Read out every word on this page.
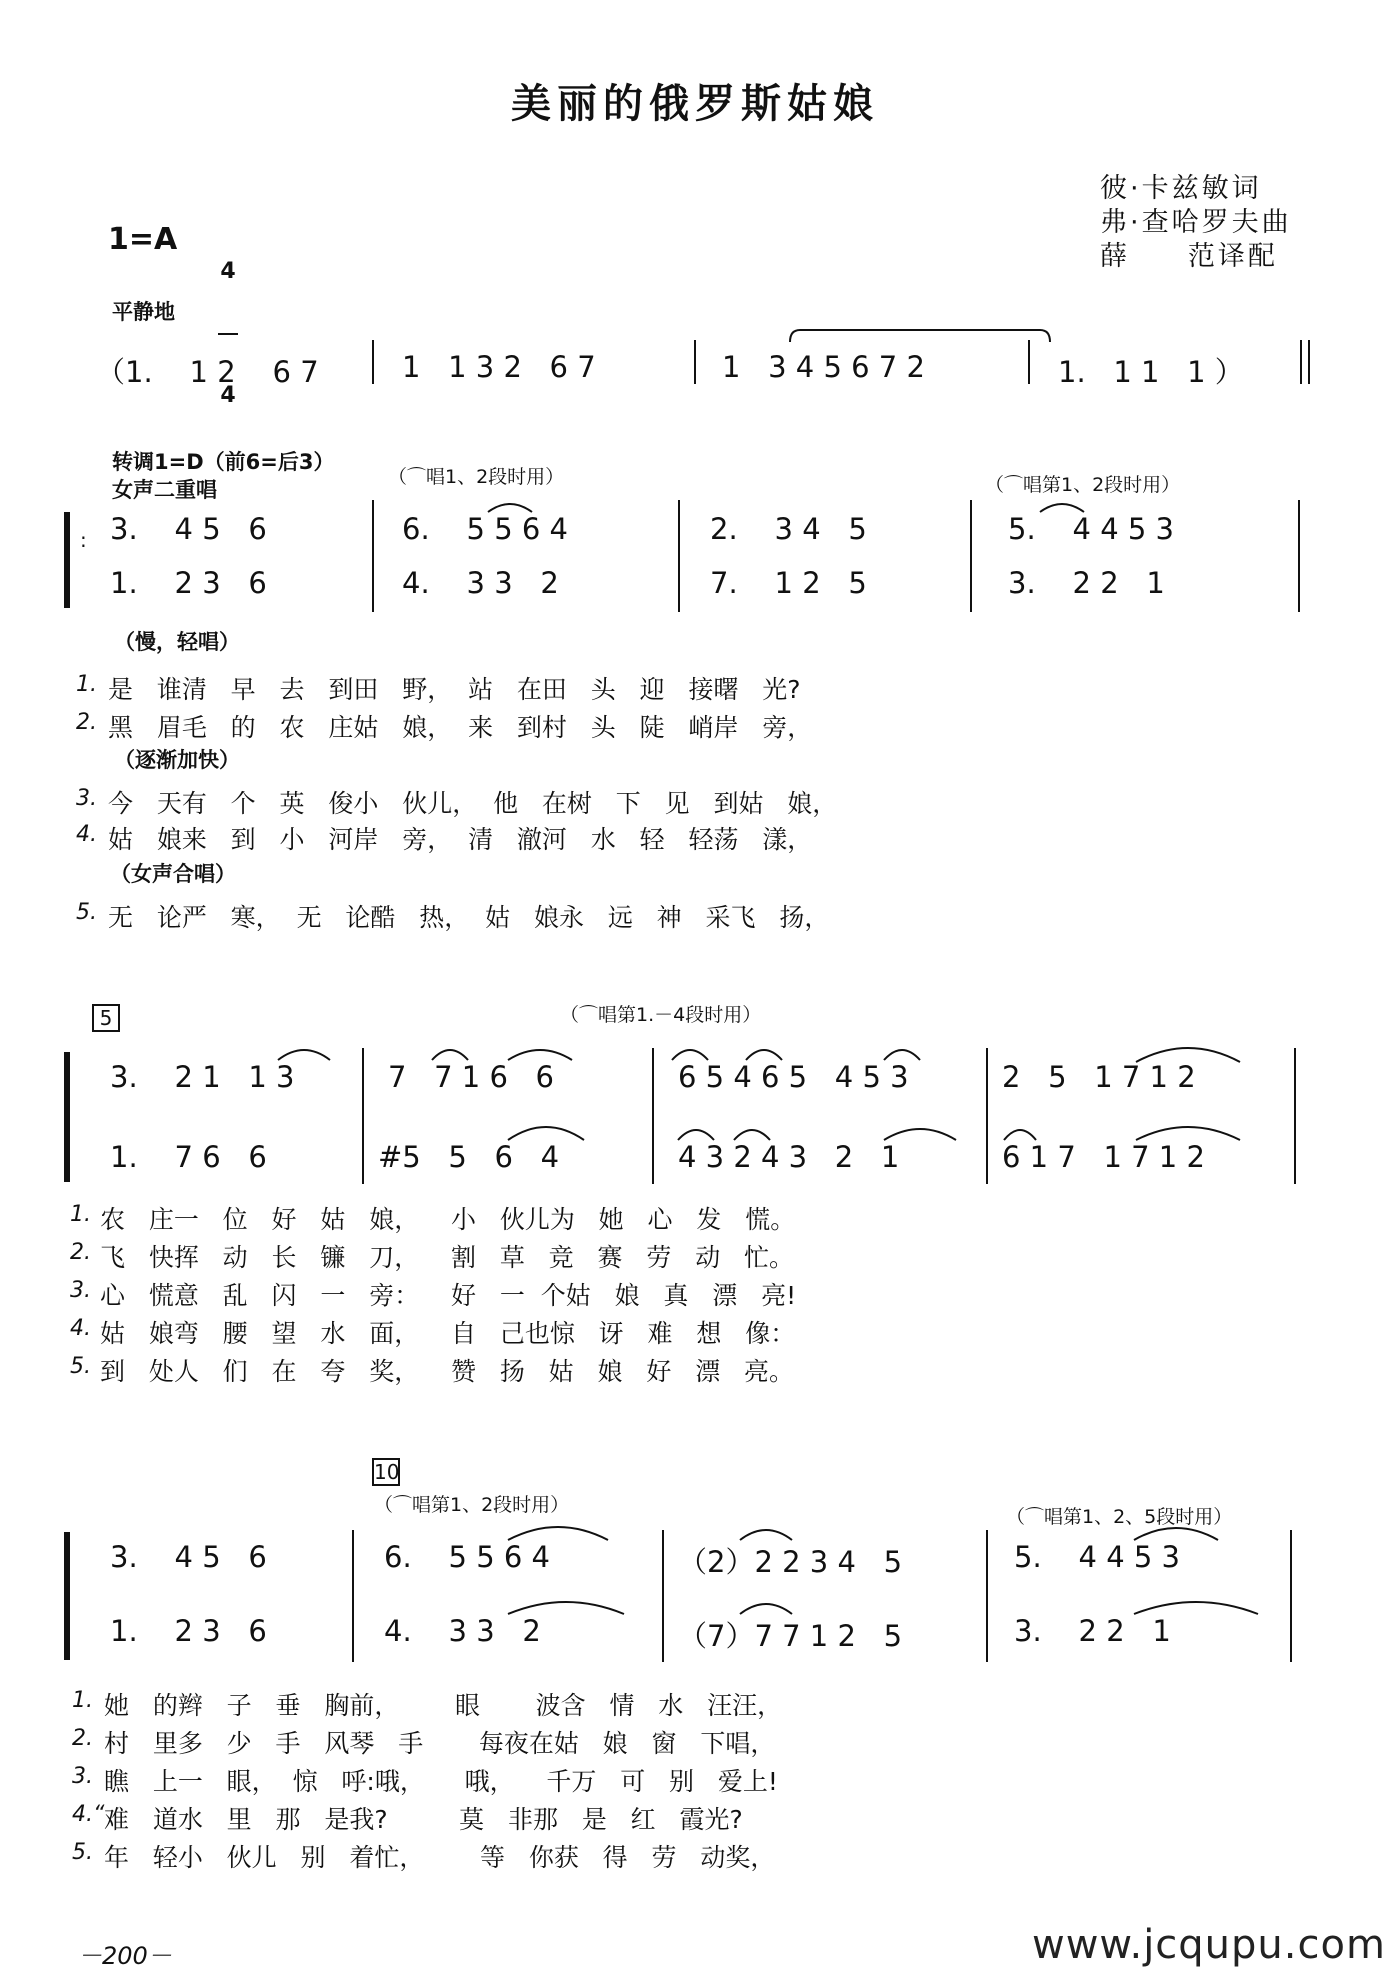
美丽的俄罗斯姑娘
1=A

4

4

彼·卡兹敏词
弗·查哈罗夫曲
薛     范译配
平静地
（1.    1 2    6 7	1   1 3 2   6 7	1   3 4 5 6 7 2	1.   1 1   1 ）
转调1=D（前6=后3）
女声二重唱
（⌒唱1、2段时用）	（⌒唱第1、2段时用）
: 3.    4 5   6	6.    5 5 6 4	2.    3 4   5	5.    4 4 5 3
1.    2 3   6	4.    3 3   2	7.    1 2   5	3.    2 2   1
（慢，轻唱）
1. 是   谁清   早   去   到田   野，  站   在田   头   迎   接曙   光?
2. 黑   眉毛   的   农   庄姑   娘，  来   到村   头   陡   峭岸   旁，
（逐渐加快）
3. 今   天有   个   英   俊小   伙儿，  他   在树   下   见   到姑   娘，
4. 姑   娘来   到   小   河岸   旁，  清   澈河   水   轻   轻荡   漾，
（女声合唱）
5. 无   论严   寒，  无   论酷   热，  姑   娘永   远   神   采飞   扬，
5	（⌒唱第1.－4段时用）
3.    2 1   1 3	7   7 1 6   6	6 5 4 6 5   4 5 3	2   5   1 7 1 2
1.    7 6   6	#5   5   6   4	4 3 2 4 3   2   1	6 1 7   1 7 1 2
1. 农   庄一   位   好   姑   娘，    小   伙儿为   她   心   发   慌。
2. 飞   快挥   动   长   镰   刀，    割   草   竞   赛   劳   动   忙。
3. 心   慌意   乱   闪   一   旁：    好   一  个姑   娘   真   漂   亮!
4. 姑   娘弯   腰   望   水   面，    自   己也惊   讶   难   想   像：
5. 到   处人   们   在   夸   奖，    赞   扬   姑   娘   好   漂   亮。
10
（⌒唱第1、2段时用）
（⌒唱第1、2、5段时用）
3.    4 5   6	6.    5 5 6 4	（2）2 2 3 4   5	5.    4 4 5 3
1.    2 3   6	4.    3 3   2	（7）7 7 1 2   5	3.    2 2   1
1. 她   的辫   子   垂   胸前，       眼       波含   情   水   汪汪，
2. 村   里多   少   手   风琴   手       每夜在姑   娘   窗   下唱，
3. 瞧   上一   眼，  惊   呼:哦，     哦，    千万   可   别   爱上!
4.“ 难   道水   里   那   是我?         莫   非那   是   红   霞光?
5. 年   轻小   伙儿   别   着忙，       等   你获   得   劳   动奖，
－200－	www.jcqupu.com
